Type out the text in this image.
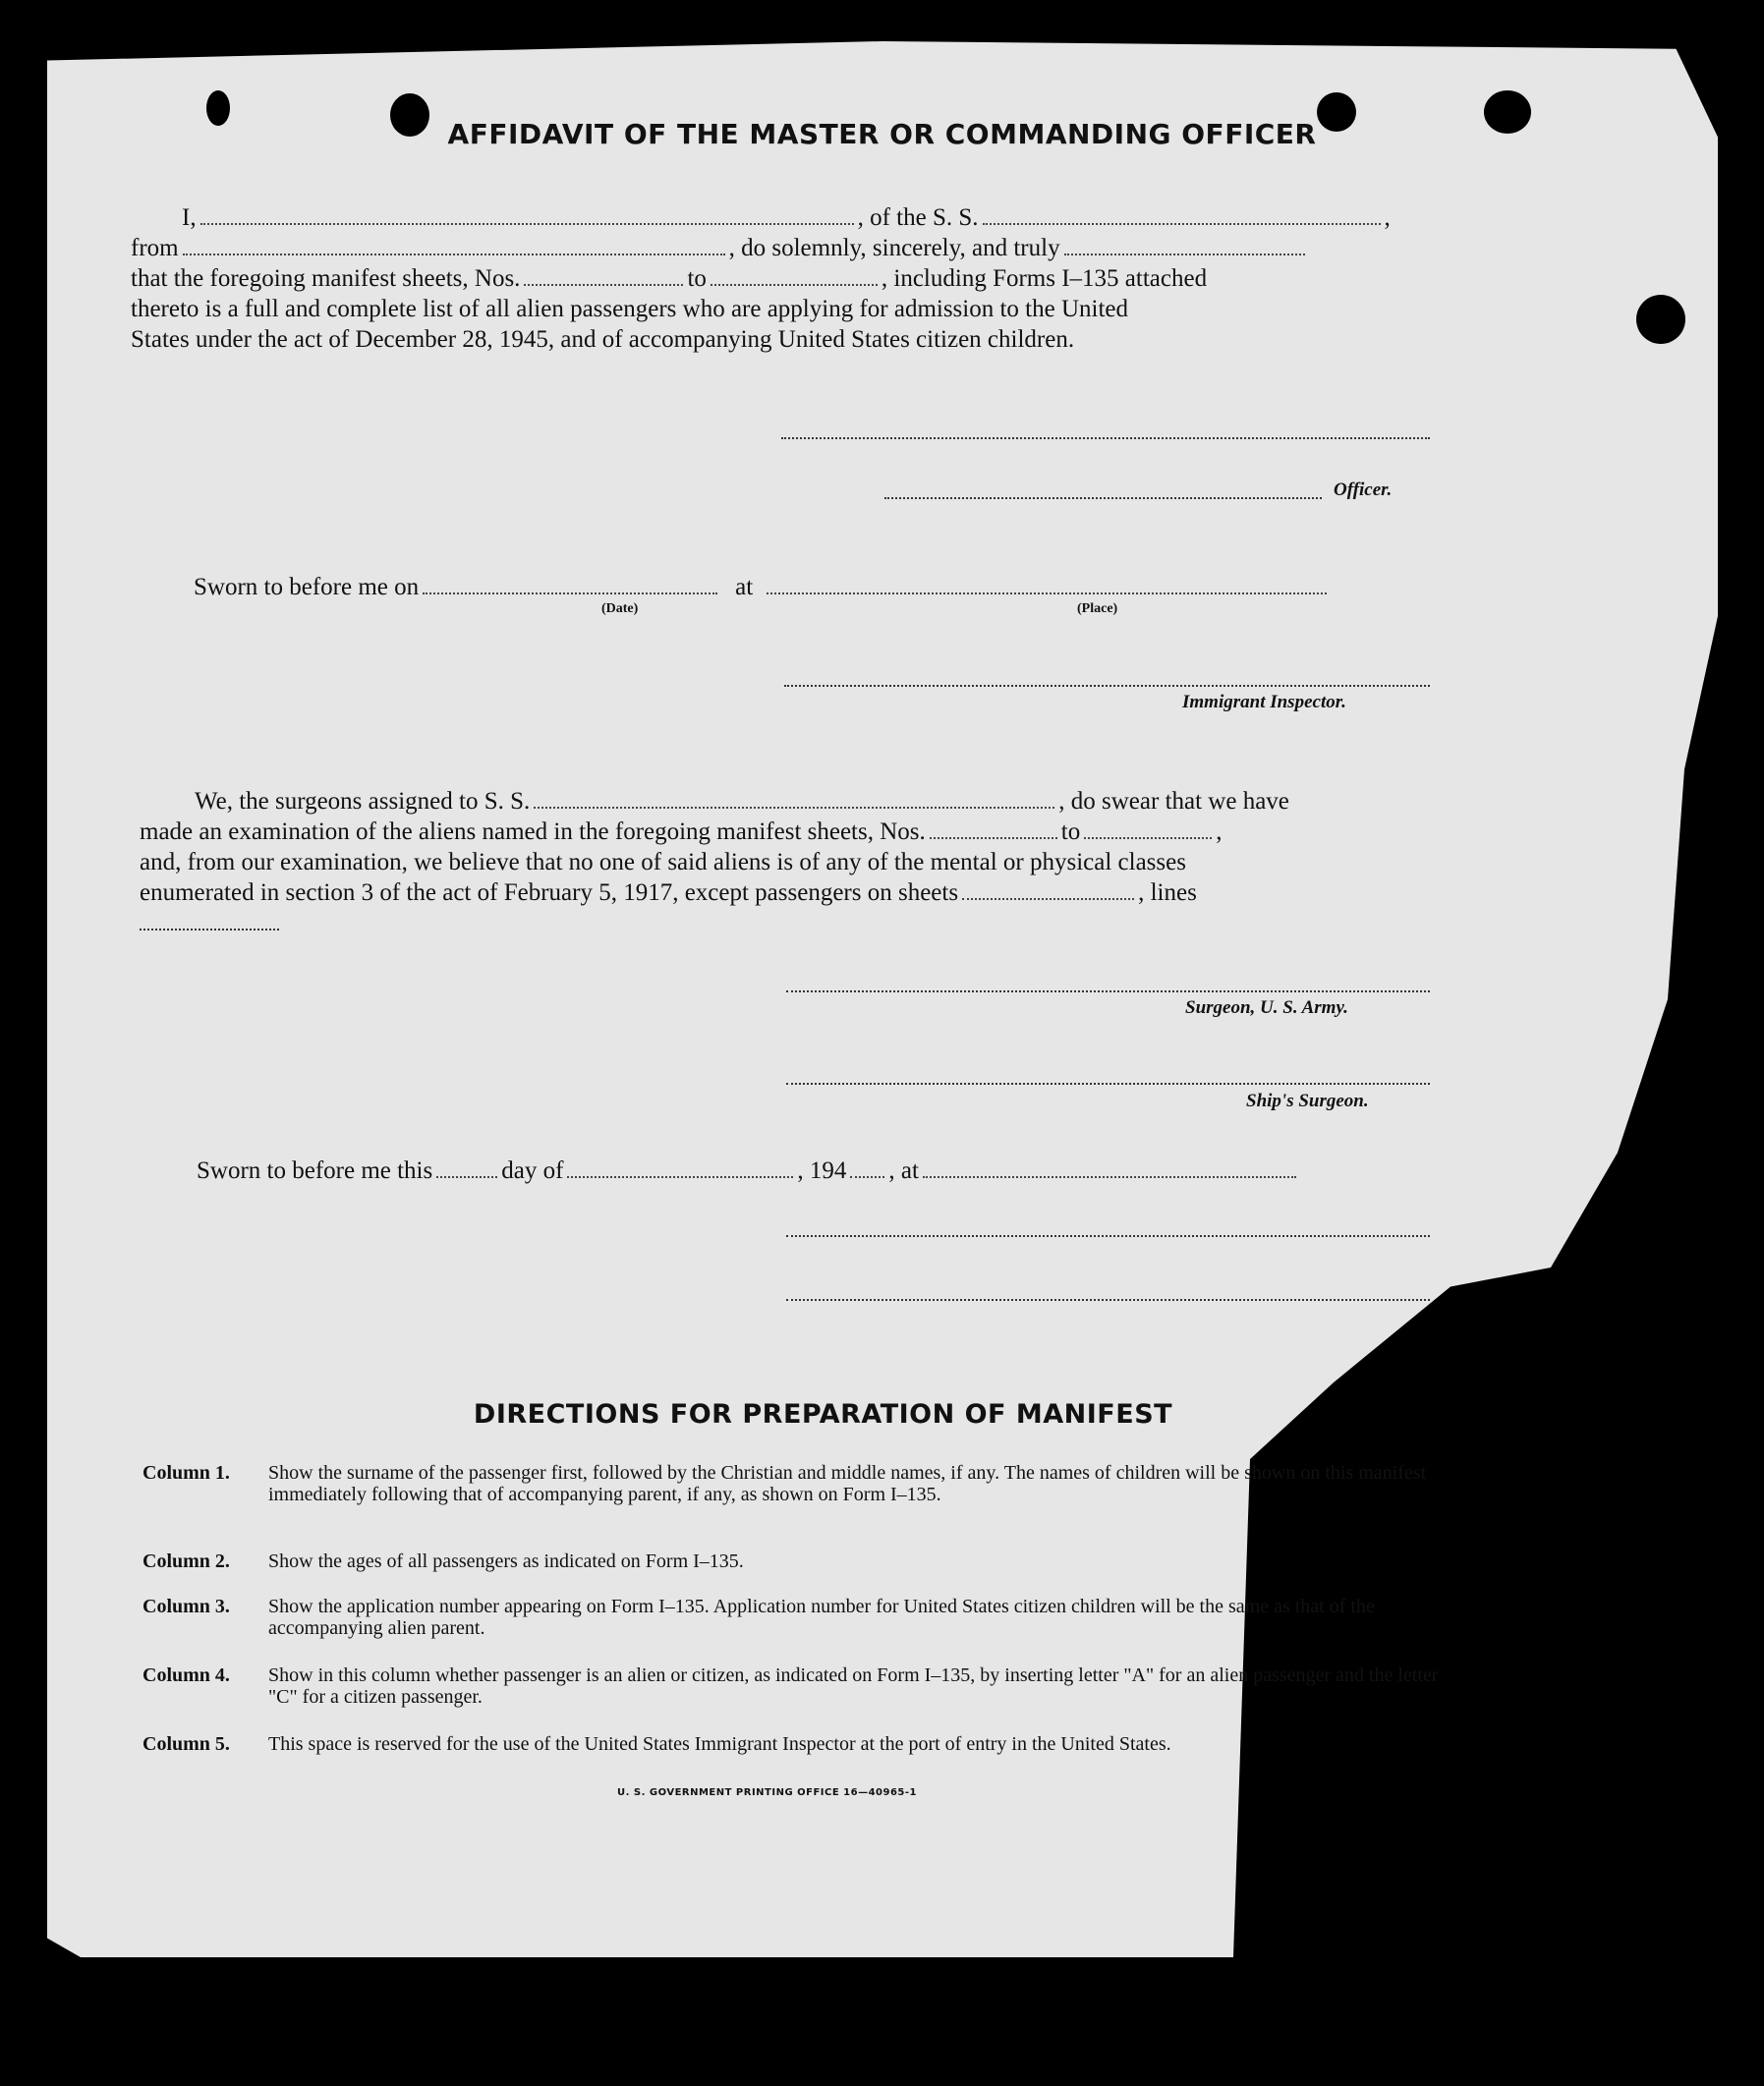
AFFIDAVIT OF THE MASTER OR COMMANDING OFFICER
I,	, of the S. S.	,
from	, do solemnly, sincerely, and truly
that the foregoing manifest sheets, Nos.	to	, including Forms I–135 attached
thereto is a full and complete list of all alien passengers who are applying for admission to the United
States under the act of December 28, 1945, and of accompanying United States citizen children.
Officer.
Sworn to before me on	at
(Date)	(Place)
Immigrant Inspector.
We, the surgeons assigned to S. S.	, do swear that we have
made an examination of the aliens named in the foregoing manifest sheets, Nos.	to	,
and, from our examination, we believe that no one of said aliens is of any of the mental or physical classes
enumerated in section 3 of the act of February 5, 1917, except passengers on sheets	, lines
Surgeon, U. S. Army.
Ship's Surgeon.
Sworn to before me this	day of	, 194 , at
DIRECTIONS FOR PREPARATION OF MANIFEST
Column 1.	Show the surname of the passenger first, followed by the Christian and middle names, if any. The names of children will be shown on this manifest immediately following that of accompanying parent, if any, as shown on Form I–135.
Column 2.	Show the ages of all passengers as indicated on Form I–135.
Column 3.	Show the application number appearing on Form I–135. Application number for United States citizen children will be the same as that of the accompanying alien parent.
Column 4.	Show in this column whether passenger is an alien or citizen, as indicated on Form I–135, by inserting letter "A" for an alien passenger and the letter "C" for a citizen passenger.
Column 5.	This space is reserved for the use of the United States Immigrant Inspector at the port of entry in the United States.
U. S. GOVERNMENT PRINTING OFFICE 16—40965-1
